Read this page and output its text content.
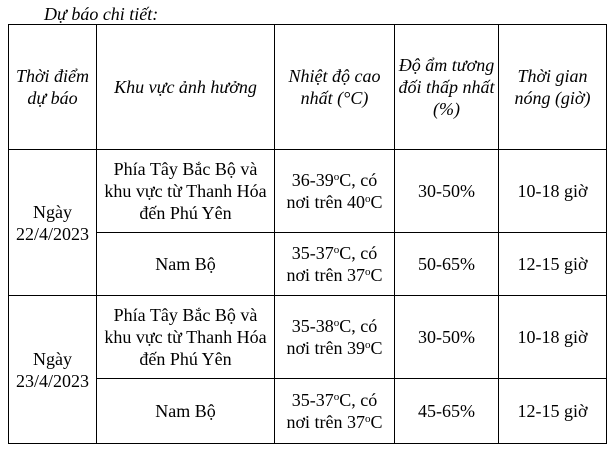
Dự báo chi tiết:
Thời điểm dự báo	Khu vực ảnh hưởng	Nhiệt độ cao nhất (°C)	Độ ẩm tương đối thấp nhất (%)	Thời gian nóng (giờ)
Ngày 22/4/2023	Phía Tây Bắc Bộ và khu vực từ Thanh Hóa đến Phú Yên	36-39$^o$C, có nơi trên 40$^o$C	30-50%	10-18 giờ
	Nam Bộ	35-37$^o$C, có nơi trên 37$^o$C	50-65%	12-15 giờ
Ngày 23/4/2023	Phía Tây Bắc Bộ và khu vực từ Thanh Hóa đến Phú Yên	35-38$^o$C, có nơi trên 39$^o$C	30-50%	10-18 giờ
	Nam Bộ	35-37$^o$C, có nơi trên 37$^o$C	45-65%	12-15 giờ
